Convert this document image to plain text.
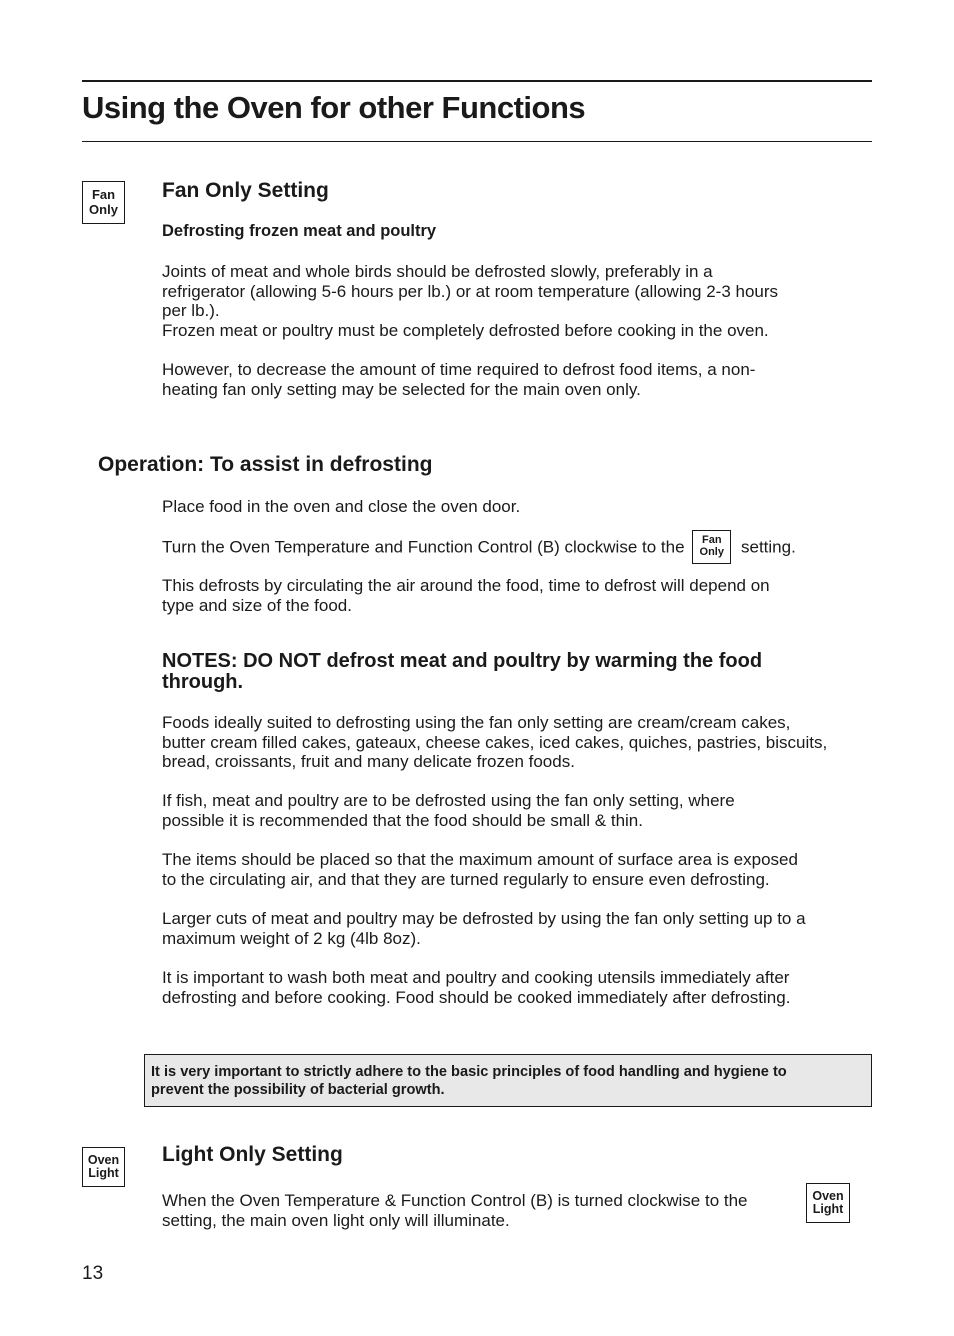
Using the Oven for other Functions
Fan
Only
Fan Only Setting
Defrosting frozen meat and poultry

Joints of meat and whole birds should be defrosted slowly, preferably in a
refrigerator (allowing 5-6 hours per lb.) or at room temperature (allowing 2-3 hours
per lb.).
Frozen meat or poultry must be completely defrosted before cooking in the oven.

However, to decrease the amount of time required to defrost food items, a non-
heating fan only setting may be selected for the main oven only.

Operation: To assist in defrosting

Place food in the oven and close the oven door.

Turn the Oven Temperature and Function Control (B) clockwise to the Fan
Only setting.

This defrosts by circulating the air around the food, time to defrost will depend on
type and size of the food.

NOTES: DO NOT defrost meat and poultry by warming the food
through.

Foods ideally suited to defrosting using the fan only setting are cream/cream cakes,
butter cream filled cakes, gateaux, cheese cakes, iced cakes, quiches, pastries, biscuits,
bread, croissants, fruit and many delicate frozen foods.

If fish, meat and poultry are to be defrosted using the fan only setting, where
possible it is recommended that the food should be small & thin.

The items should be placed so that the maximum amount of surface area is exposed
to the circulating air, and that they are turned regularly to ensure even defrosting.

Larger cuts of meat and poultry may be defrosted by using the fan only setting up to a
maximum weight of 2 kg (4lb 8oz).

It is important to wash both meat and poultry and cooking utensils immediately after
defrosting and before cooking. Food should be cooked immediately after defrosting.

It is very important to strictly adhere to the basic principles of food handling and hygiene to
prevent the possibility of bacterial growth.
Oven
Light
Light Only Setting

When the Oven Temperature & Function Control (B) is turned clockwise to the
setting, the main oven light only will illuminate.

Oven
Light
13
